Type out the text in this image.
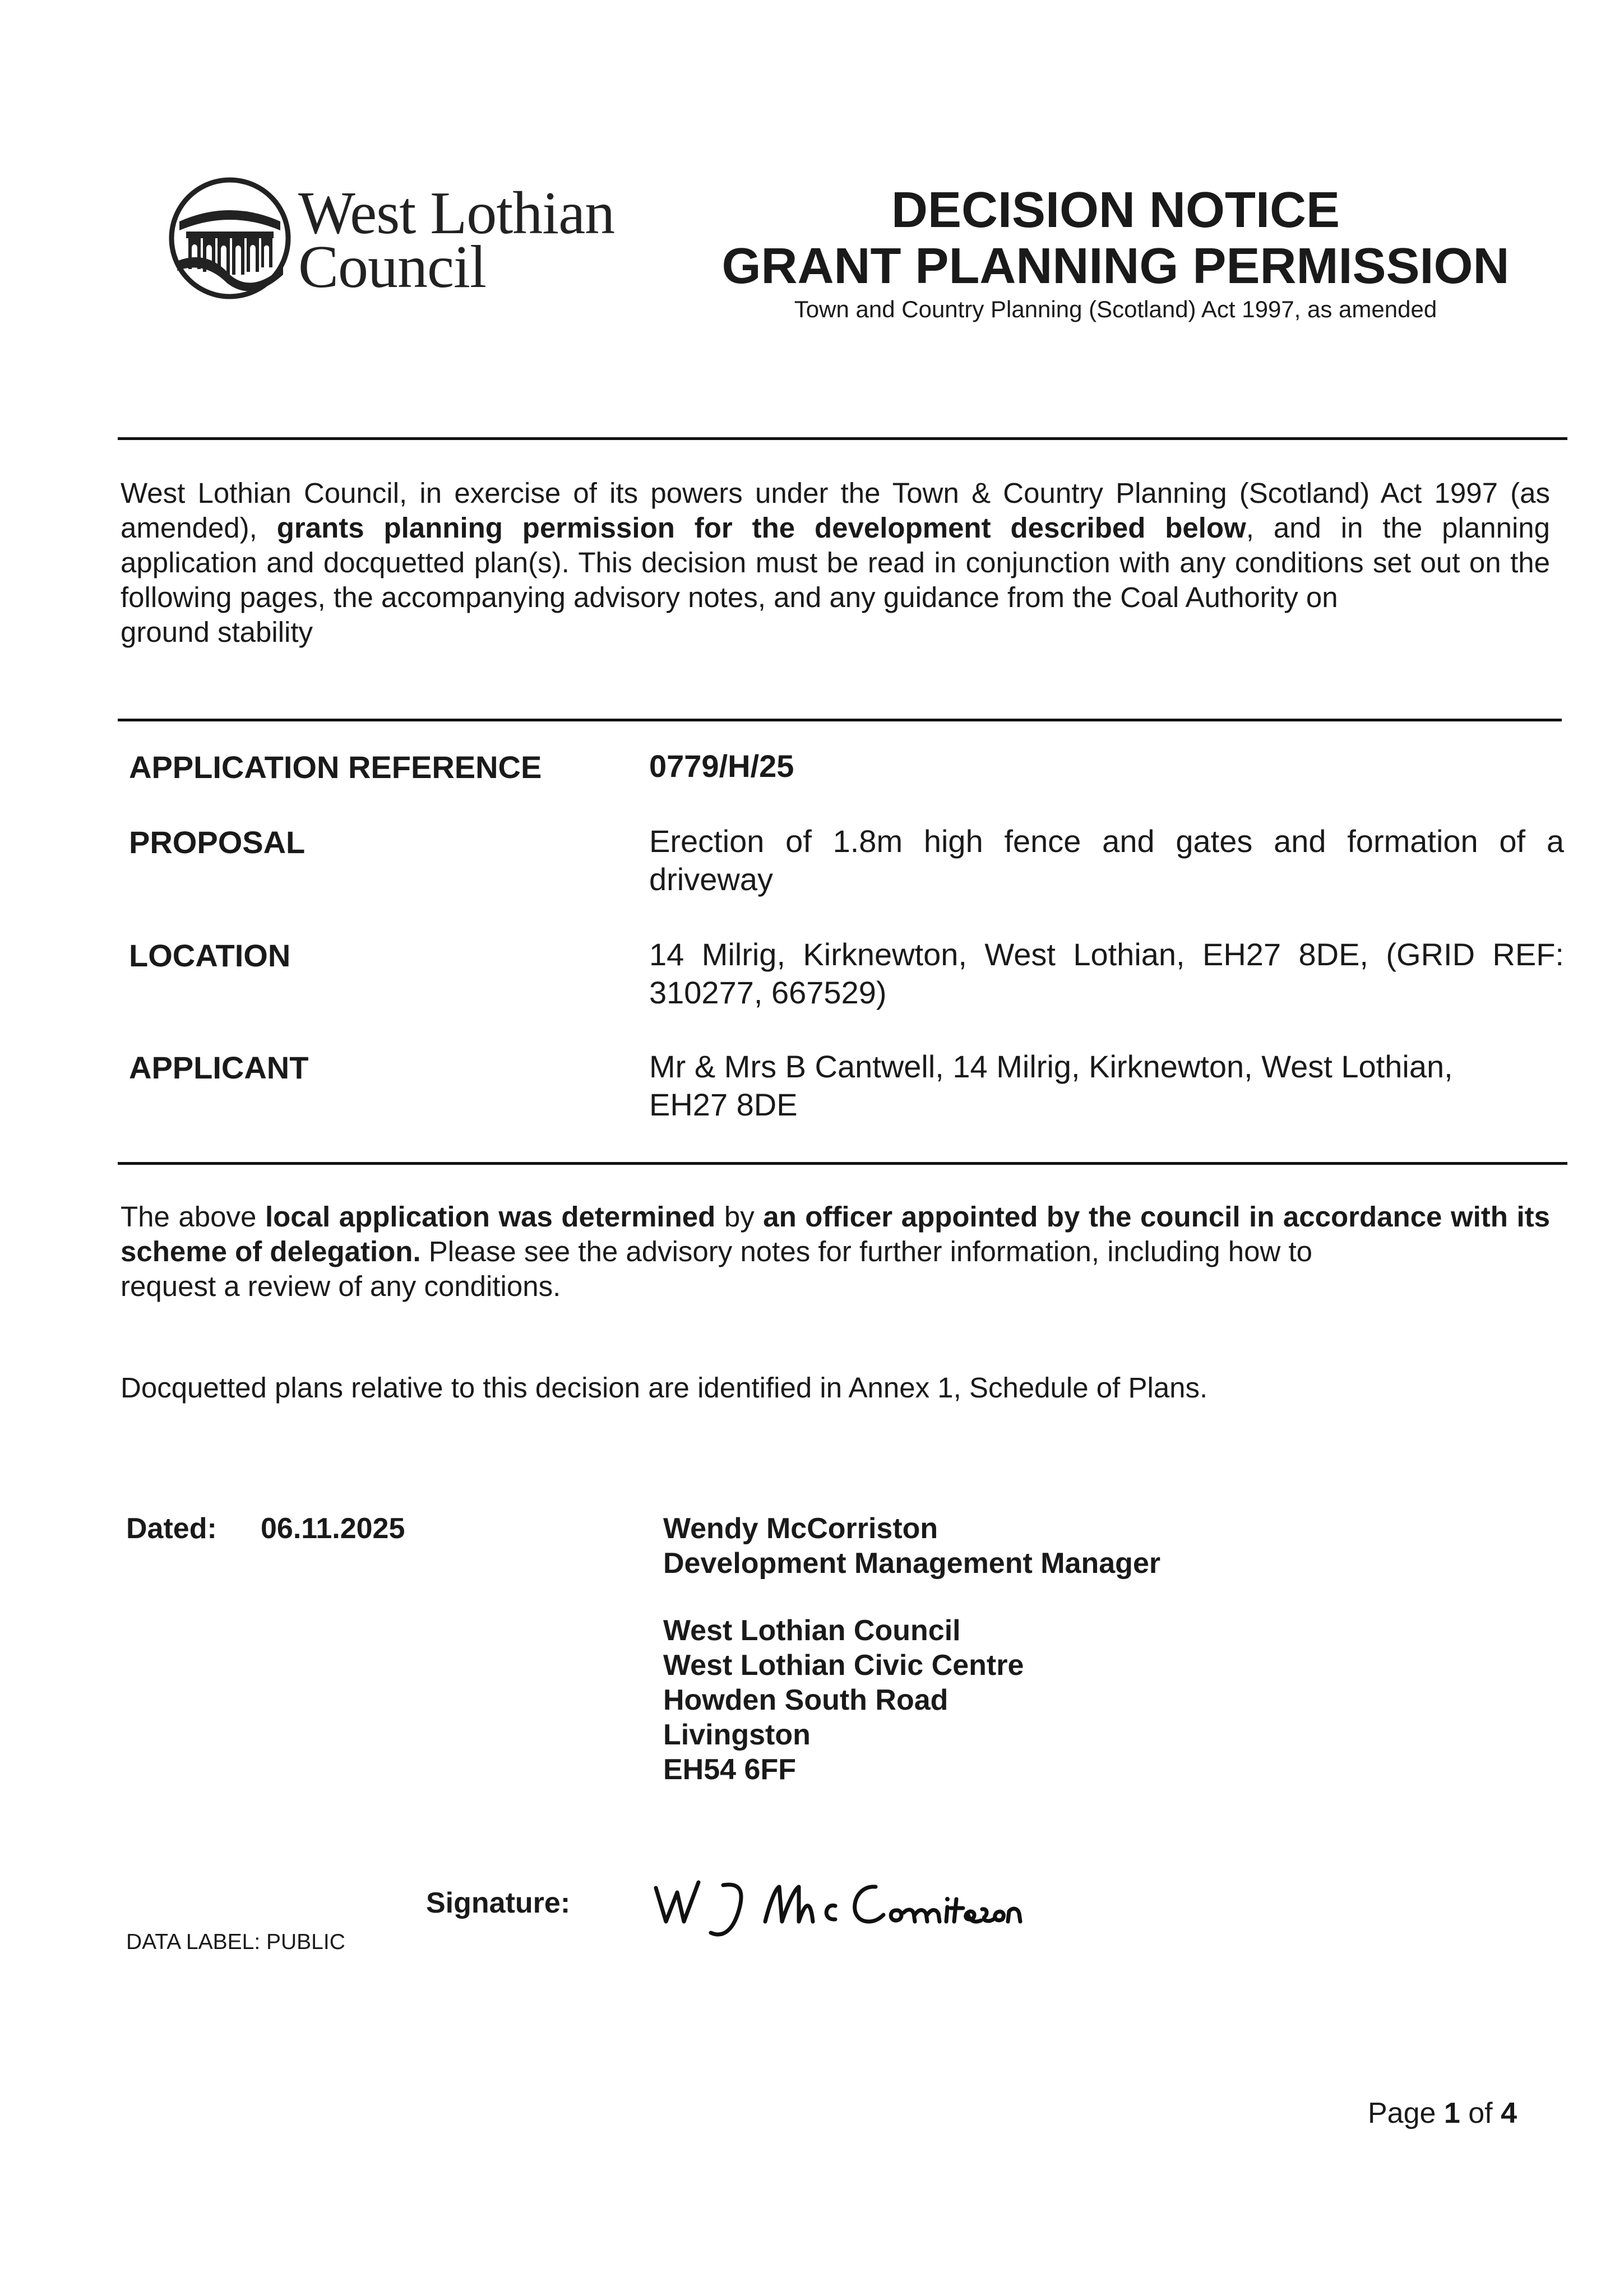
West Lothian
Council
DECISION NOTICE
GRANT PLANNING PERMISSION
Town and Country Planning (Scotland) Act 1997, as amended
West Lothian Council, in exercise of its powers under the Town & Country Planning (Scotland) Act 1997 (as amended), grants planning permission for the development described below, and in the planning application and docquetted plan(s). This decision must be read in conjunction with any conditions set out on the following pages, the accompanying advisory notes, and any guidance from the Coal Authority on
ground stability
APPLICATION REFERENCE	0779/H/25
PROPOSAL	Erection of 1.8m high fence and gates and formation of a driveway
LOCATION	14 Milrig, Kirknewton, West Lothian, EH27 8DE, (GRID REF: 310277, 667529)
APPLICANT	Mr & Mrs B Cantwell, 14 Milrig, Kirknewton, West Lothian,
EH27 8DE
The above local application was determined by an officer appointed by the council in accordance with its scheme of delegation. Please see the advisory notes for further information, including how to
request a review of any conditions.
Docquetted plans relative to this decision are identified in Annex 1, Schedule of Plans.
Dated: 06.11.2025	Wendy McCorriston
Development Management Manager
West Lothian Council
West Lothian Civic Centre
Howden South Road
Livingston
EH54 6FF
Signature:
DATA LABEL: PUBLIC
Page 1 of 4
